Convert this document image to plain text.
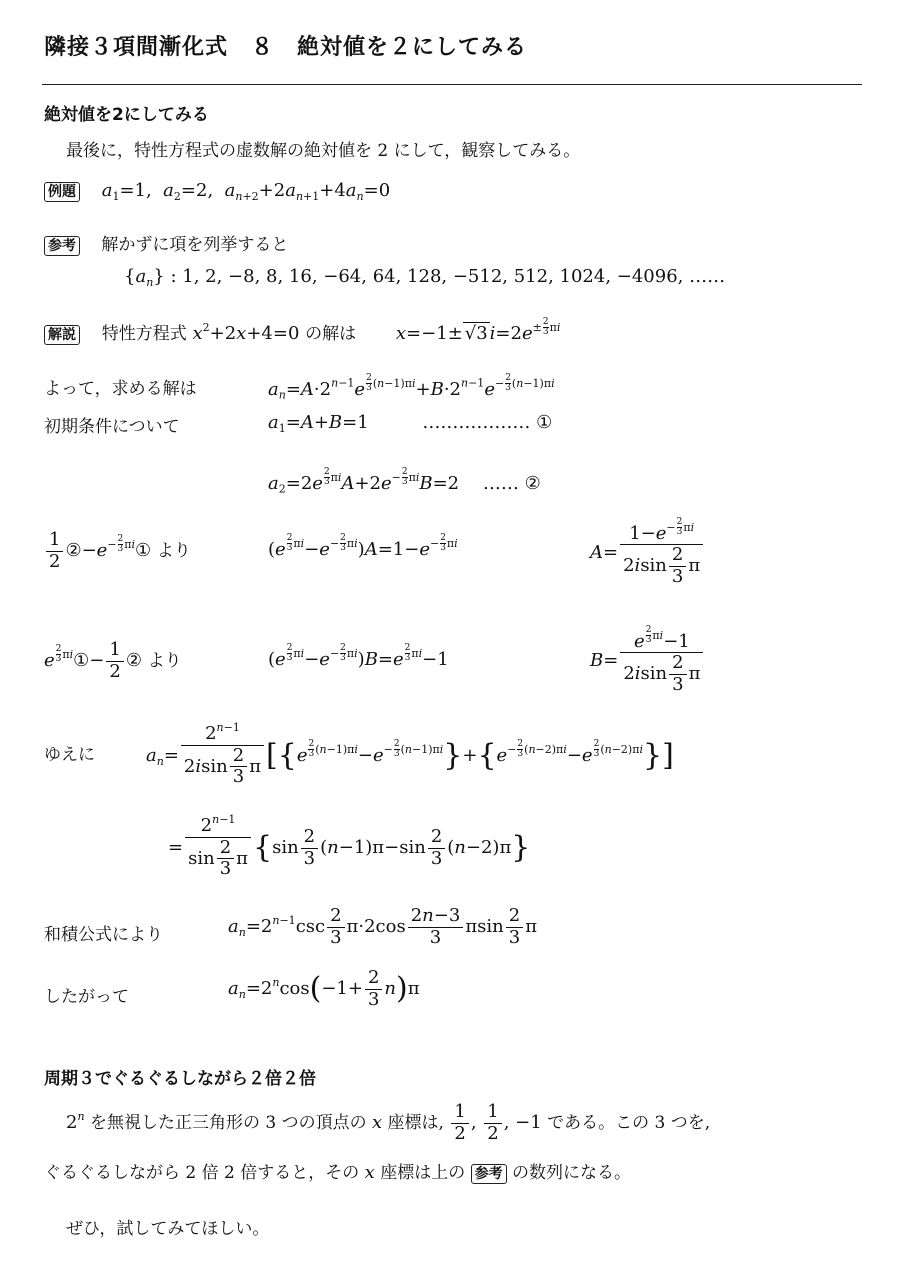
隣接３項間漸化式　８　絶対値を２にしてみる
絶対値を2にしてみる
最後に，特性方程式の虚数解の絶対値を 2 にして，観察してみる。
例題 $a_1=1$,  $a_2=2$,  $a_{n+2}+2a_{n+1}+4a_n=0$
参考 解かずに項を列挙すると
$\{a_n\}$ : 1, 2, −8, 8, 16, −64, 64, 128, −512, 512, 1024, −4096, ……
解説 特性方程式 $x^2+2x+4=0$ の解は x=−1± √3 $i=2e^{\pm \frac{2}{3} \pi i}$
よって，求める解は	$a_n=A\cdot 2^{n-1}e$ $^{\frac{2}{3} (n-1)\pi i}+B\cdot 2^{n-1}e^{- \frac{2}{3} (n-1)\pi i}$
初期条件について	$a_1=A+B=1$	……………… ①
$a_2=2e$ $^{\frac{2}{3} \pi i}A+2e^{- \frac{2}{3} \pi i}B=2$ …… ②
$\frac{1}{2}$ $②-e^{- \frac{2}{3} \pi i}①$ より	(e $^{\frac{2}{3} \pi i}-e^{- \frac{2}{3} \pi i})A=1-e^{- \frac{2}{3} \pi i}$	$A= 1-e^{- \frac{2}{3} \pi i}$
$2isin \frac{2}{3}$ π
e $^{\frac{2}{3} \pi i}$①− $\frac{1}{2}$ ② より	(e $^{\frac{2}{3} \pi i}-e^{- \frac{2}{3} \pi i})B=e$ $^{\frac{2}{3} \pi i}$−1	B= e $^{\frac{2}{3} \pi i}$−1
$2isin \frac{2}{3}$ π
ゆえに	$a_n= \frac{2^{n-1}}{2isin \frac{2}{3} \pi} [\{e$ $^{\frac{2}{3} (n-1)\pi i}-e^{- \frac{2}{3} (n-1)\pi i}\}+\{e^{- \frac{2}{3} (n-2)\pi i}-e$ $^{\frac{2}{3} (n-2)\pi i}$}]
= $\frac{2^{n-1}}{\sin \frac{2}{3} \pi} \{\sin \frac{2}{3} (n-1)\pi-\sin \frac{2}{3} (n-2)\pi\}$
和積公式により	$a_n=2^{n-1}\csc \frac{2}{3} \pi\cdot 2\cos \frac{2n-3}{3}$ πsin $\frac{2}{3}$ π
したがって	$a_n=2^n\cos(-1+ \frac{2}{3} n)\pi$
周期３でぐるぐるしながら２倍２倍
2$^n$ を無視した正三角形の 3 つの頂点の x 座標は, $\frac{1}{2}$ , $\frac{1}{2}$ , −1 である。この 3 つを,
ぐるぐるしながら 2 倍 2 倍すると，その x 座標は上の 参考 の数列になる。
ぜひ，試してみてほしい。
